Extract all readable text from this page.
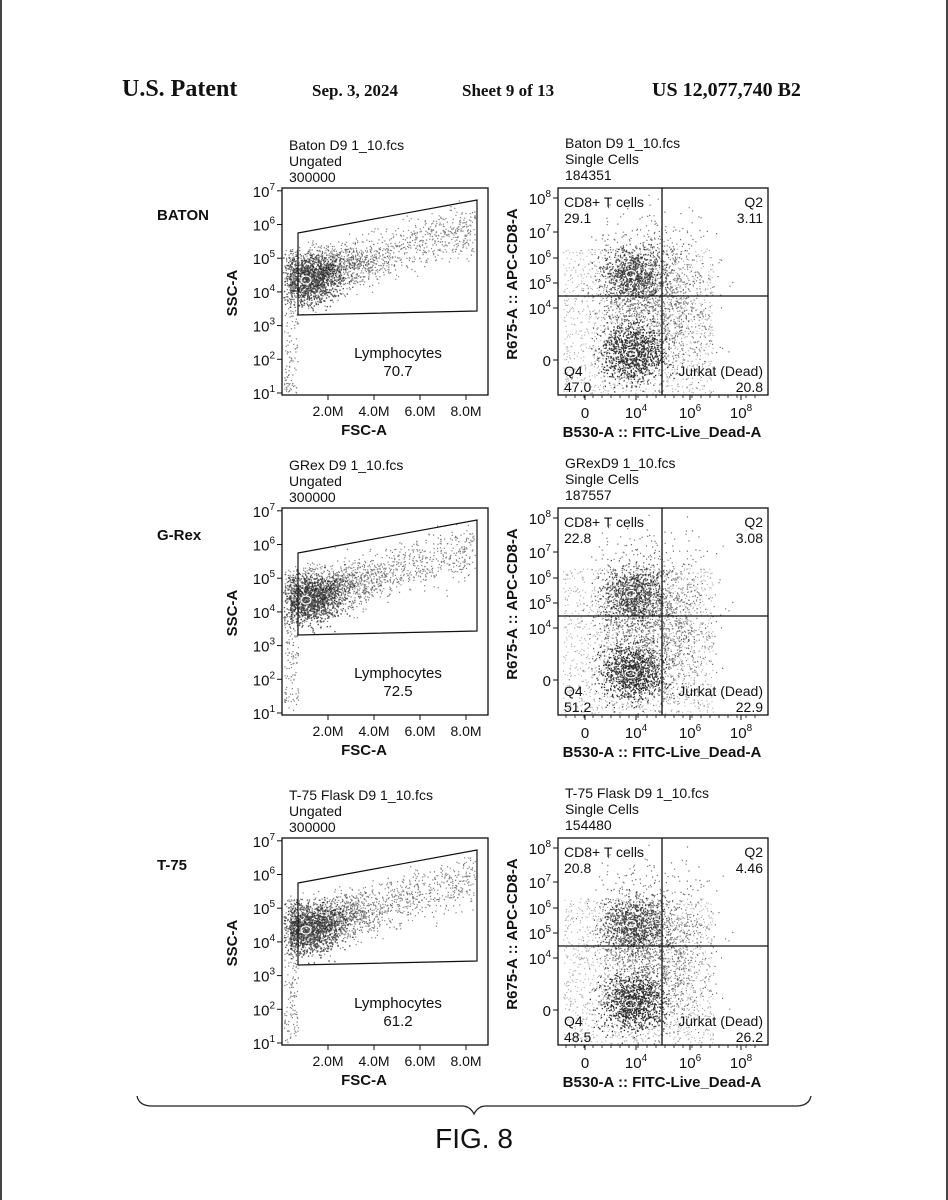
U.S. Patent	Sep. 3, 2024	Sheet 9 of 13	US 12,077,740 B2
Baton D9 1_10.fcs
Ungated
300000
BATON
Lymphocytes
70.7
$10^1$
$10^2$
$10^3$
$10^4$
$10^5$
$10^6$
$10^7$
2.0M 4.0M 6.0M 8.0M
FSC-A
SSC-A
Baton D9 1_10.fcs
Single Cells
184351
CD8+ T cells
29.1
Q2
3.11
Q4
47.0
Jurkat (Dead)
20.8
0
$10^4$
$10^5$
$10^6$
$10^7$
$10^8$
0 $10^4$ $10^6$ $10^8$
B530-A :: FITC-Live_Dead-A
R675-A :: APC-CD8-A
GRex D9 1_10.fcs
Ungated
300000
G-Rex
Lymphocytes
72.5
$10^1$
$10^2$
$10^3$
$10^4$
$10^5$
$10^6$
$10^7$
2.0M 4.0M 6.0M 8.0M
FSC-A
SSC-A
GRexD9 1_10.fcs
Single Cells
187557
CD8+ T cells
22.8
Q2
3.08
Q4
51.2
Jurkat (Dead)
22.9
0
$10^4$
$10^5$
$10^6$
$10^7$
$10^8$
0 $10^4$ $10^6$ $10^8$
B530-A :: FITC-Live_Dead-A
R675-A :: APC-CD8-A
T-75 Flask D9 1_10.fcs
Ungated
300000
T-75
Lymphocytes
61.2
$10^1$
$10^2$
$10^3$
$10^4$
$10^5$
$10^6$
$10^7$
2.0M 4.0M 6.0M 8.0M
FSC-A
SSC-A
T-75 Flask D9 1_10.fcs
Single Cells
154480
CD8+ T cells
20.8
Q2
4.46
Q4
48.5
Jurkat (Dead)
26.2
0
$10^4$
$10^5$
$10^6$
$10^7$
$10^8$
0 $10^4$ $10^6$ $10^8$
B530-A :: FITC-Live_Dead-A
R675-A :: APC-CD8-A
FIG. 8
